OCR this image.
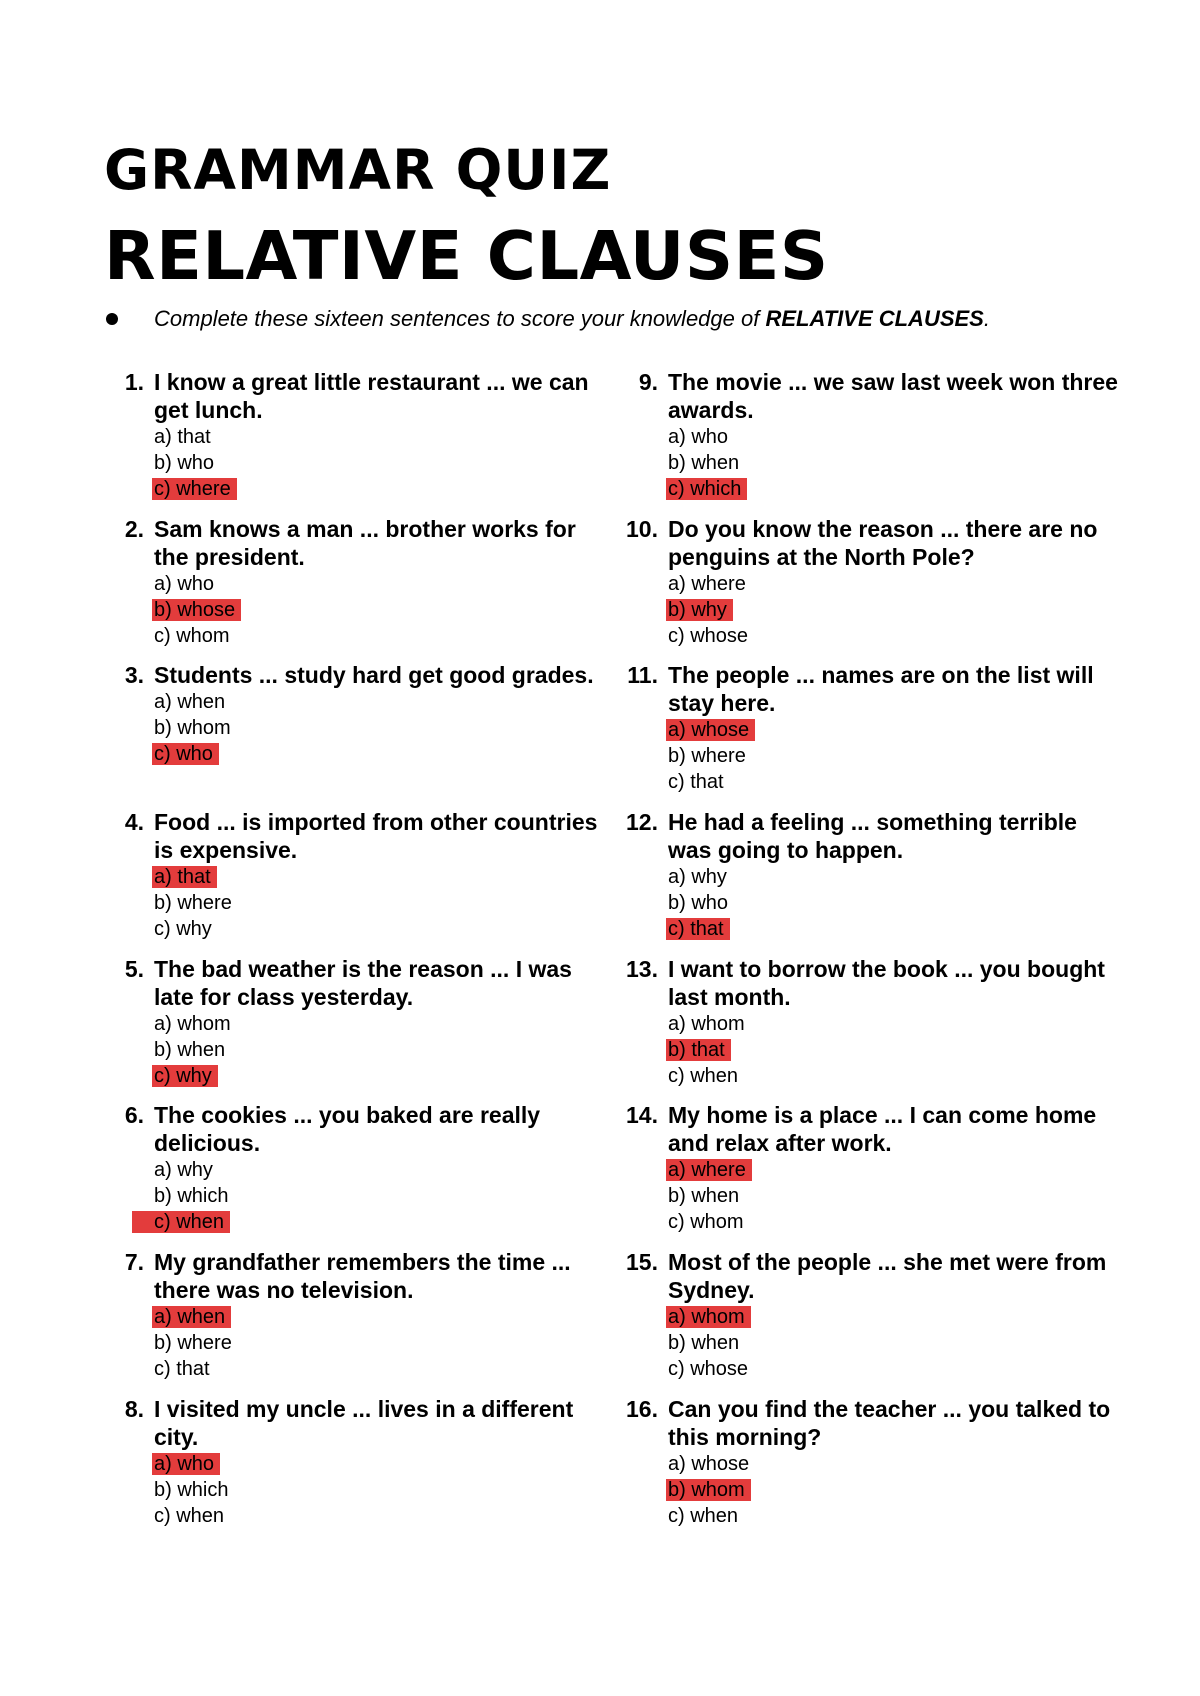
GRAMMAR QUIZ
RELATIVE CLAUSES
Complete these sixteen sentences to score your knowledge of RELATIVE CLAUSES.
1. I know a great little restaurant ... we can get lunch.
a) that
b) who
c) where
2. Sam knows a man ... brother works for the president.
a) who
b) whose
c) whom
3. Students ... study hard get good grades.
a) when
b) whom
c) who
4. Food ... is imported from other countries is expensive.
a) that
b) where
c) why
5. The bad weather is the reason ... I was late for class yesterday.
a) whom
b) when
c) why
6. The cookies ... you baked are really delicious.
a) why
b) which
c) when
7. My grandfather remembers the time ... there was no television.
a) when
b) where
c) that
8. I visited my uncle ... lives in a different city.
a) who
b) which
c) when
9. The movie ... we saw last week won three awards.
a) who
b) when
c) which
10. Do you know the reason ... there are no penguins at the North Pole?
a) where
b) why
c) whose
11. The people ... names are on the list will stay here.
a) whose
b) where
c) that
12. He had a feeling ... something terrible was going to happen.
a) why
b) who
c) that
13. I want to borrow the book ... you bought last month.
a) whom
b) that
c) when
14. My home is a place ... I can come home and relax after work.
a) where
b) when
c) whom
15. Most of the people ... she met were from Sydney.
a) whom
b) when
c) whose
16. Can you find the teacher ... you talked to this morning?
a) whose
b) whom
c) when
